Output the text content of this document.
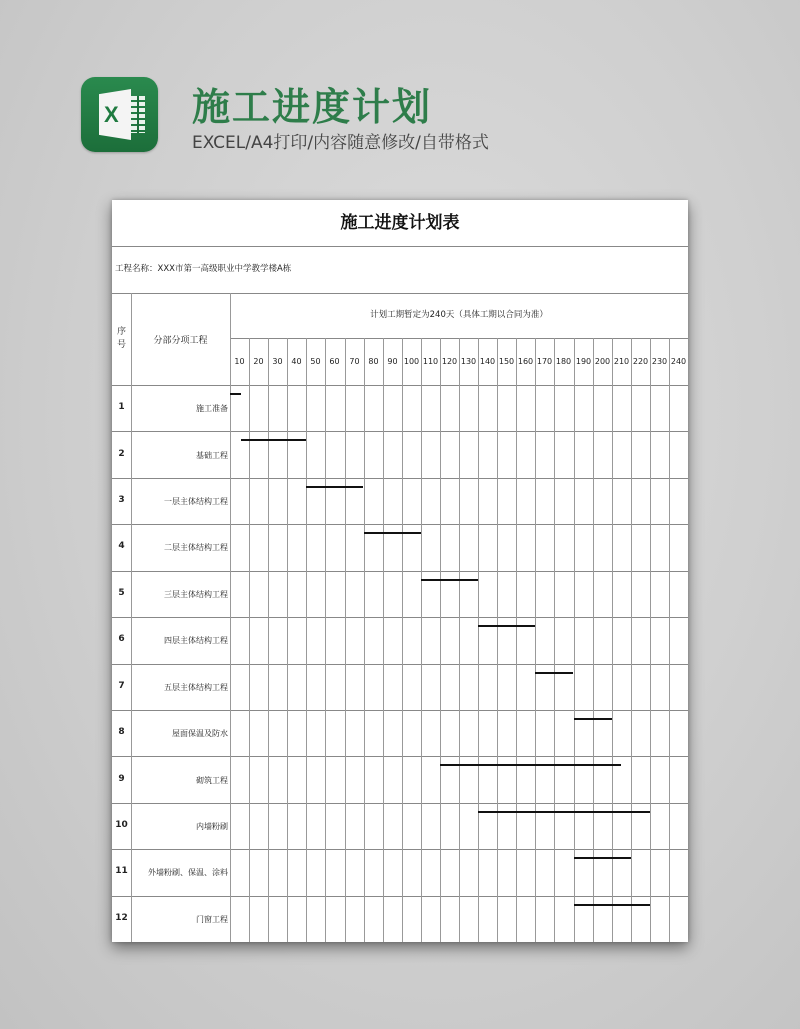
X 施工进度计划
EXCEL/A4打印/内容随意修改/自带格式
施工进度计划表
工程名称：XXX市第一高级职业中学教学楼A栋
序
号	分部分项工程
计划工期暂定为240天（具体工期以合同为准）
10	20	30	40	50	60	70	80	90 100 110 120 130 140 150 160 170 180 190 200 210 220 230 240
1	施工准备
2	基础工程
3	一层主体结构工程
4	二层主体结构工程
5	三层主体结构工程
6	四层主体结构工程
7	五层主体结构工程
8	屋面保温及防水
9	砌筑工程
10	内墙粉刷
11	外墙粉刷、保温、涂料
12	门窗工程
